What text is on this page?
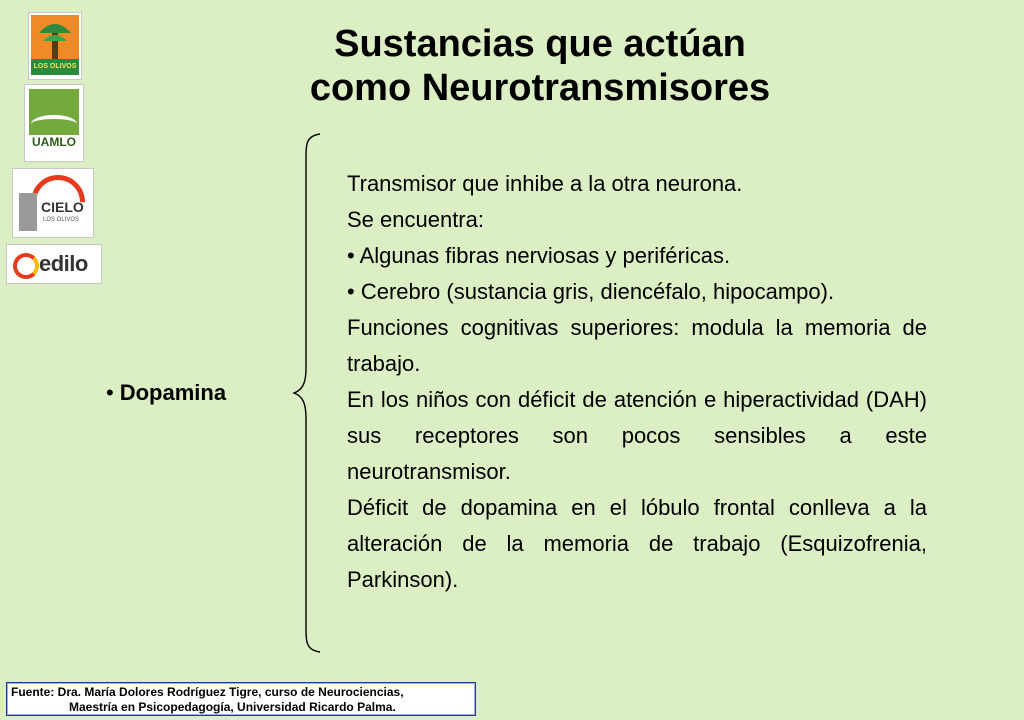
Sustancias que actúan
como Neurotransmisores
LOS OLIVOS
UAMLO
CIELO
LOS OLIVOS
edilo
• Dopamina

Transmisor que inhibe a la otra neurona.

Se encuentra:

• Algunas fibras nerviosas y periféricas.

• Cerebro (sustancia gris, diencéfalo, hipocampo).

Funciones cognitivas superiores: modula la memoria de trabajo.

En los niños con déficit de atención e hiperactividad (DAH) sus receptores son pocos sensibles a este neurotransmisor.

Déficit de dopamina en el lóbulo frontal conlleva a la alteración de la memoria de trabajo (Esquizofrenia, Parkinson).

Fuente: Dra. María Dolores Rodríguez Tigre, curso de Neurociencias,
Maestría en Psicopedagogía, Universidad Ricardo Palma.
